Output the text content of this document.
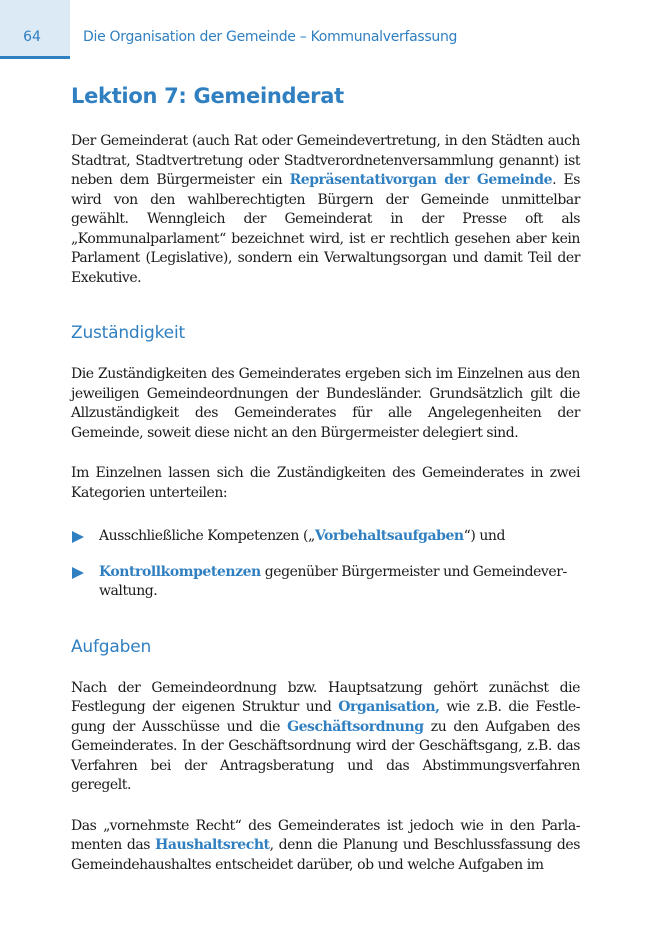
64	Die Organisation der Gemeinde – Kommunalverfassung
Lektion 7: Gemeinderat

Der Gemeinderat (auch Rat oder Gemeindevertretung, in den Städten auch Stadtrat, Stadtvertretung oder Stadtverordnetenversammlung genannt) ist neben dem Bürgermeister ein Repräsentativorgan der Gemeinde. Es wird von den wahlberechtigten Bürgern der Gemeinde unmittelbar gewählt. Wenngleich der Gemeinderat in der Presse oft als „Kommunalparlament“ bezeichnet wird, ist er rechtlich gesehen aber kein Parlament (Legislative), sondern ein Verwaltungsorgan und damit Teil der Exekutive.

Zuständigkeit

Die Zuständigkeiten des Gemeinderates ergeben sich im Einzelnen aus den jeweiligen Gemeindeordnungen der Bundesländer. Grundsätzlich gilt die Allzuständigkeit des Gemeinderates für alle Angelegenheiten der Gemeinde, soweit diese nicht an den Bürgermeister delegiert sind.

Im Einzelnen lassen sich die Zuständigkeiten des Gemeinderates in zwei Kategorien unterteilen:

Ausschließliche Kompetenzen („Vorbehaltsaufgaben“) und
Kontrollkompetenzen gegenüber Bürgermeister und Gemeindever-waltung.
Aufgaben

Nach der Gemeindeordnung bzw. Hauptsatzung gehört zunächst die Festlegung der eigenen Struktur und Organisation, wie z.B. die Festle-gung der Ausschüsse und die Geschäftsordnung zu den Aufgaben des Gemeinderates. In der Geschäftsordnung wird der Geschäftsgang, z.B. das Verfahren bei der Antragsberatung und das Abstimmungsverfahren geregelt.

Das „vornehmste Recht“ des Gemeinderates ist jedoch wie in den Parla-menten das Haushaltsrecht, denn die Planung und Beschlussfassung des Gemeindehaushaltes entscheidet darüber, ob und welche Aufgaben im
